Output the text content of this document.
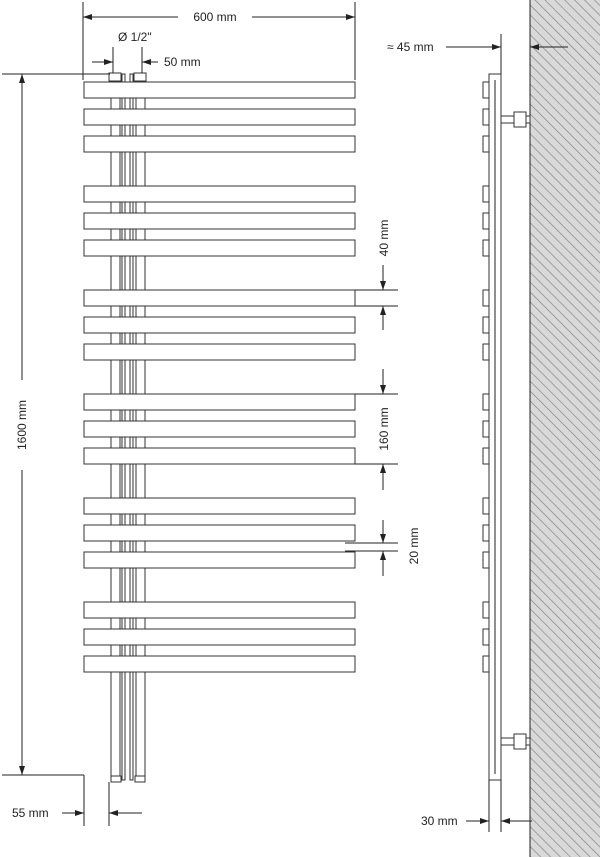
600 mm
Ø 1/2"
50 mm
1600 mm
55 mm
40 mm
160 mm
20 mm
≈ 45 mm
30 mm
